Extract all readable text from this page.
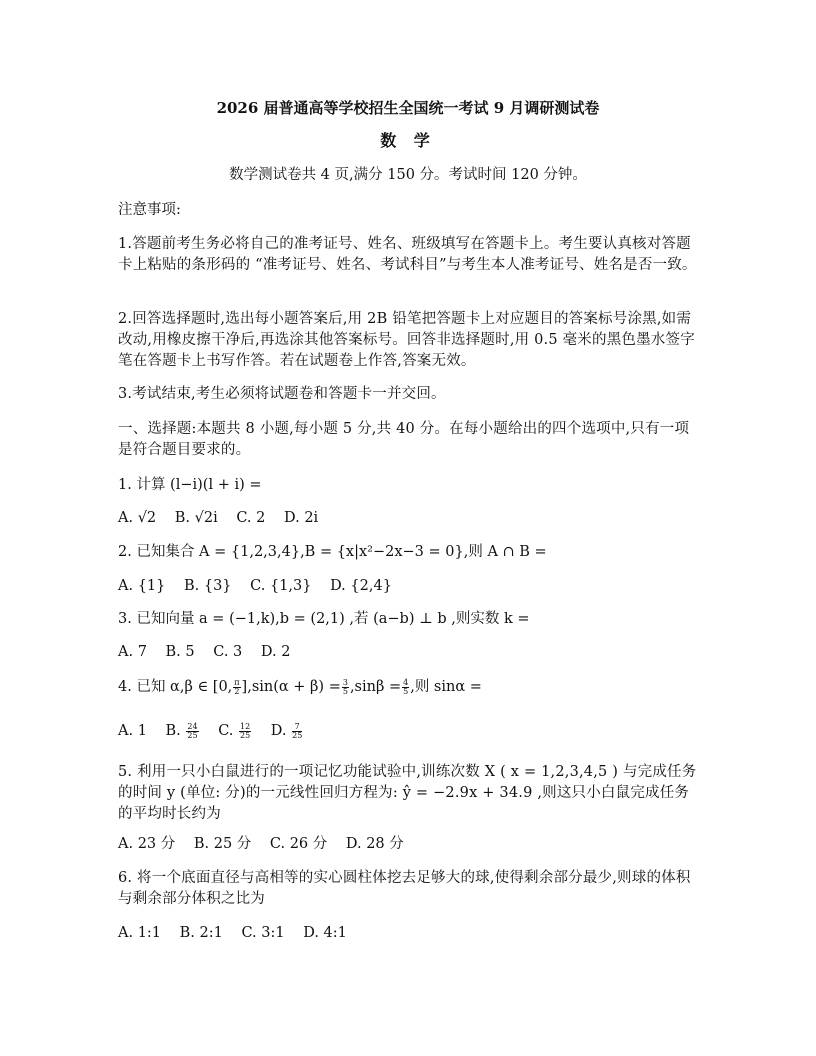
2026 届普通高等学校招生全国统一考试 9 月调研测试卷
数 学
数学测试卷共 4 页,满分 150 分。考试时间 120 分钟。
注意事项:
1.答题前考生务必将自己的准考证号、姓名、班级填写在答题卡上。考生要认真核对答题卡上粘贴的条形码的 “准考证号、姓名、考试科目”与考生本人准考证号、姓名是否一致。
2.回答选择题时,选出每小题答案后,用 2B 铅笔把答题卡上对应题目的答案标号涂黑,如需改动,用橡皮擦干净后,再选涂其他答案标号。回答非选择题时,用 0.5 毫米的黑色墨水签字笔在答题卡上书写作答。若在试题卷上作答,答案无效。
3.考试结束,考生必须将试题卷和答题卡一并交回。
一、选择题:本题共 8 小题,每小题 5 分,共 40 分。在每小题给出的四个选项中,只有一项是符合题目要求的。
1. 计算 (l−i)(l + i) =
A. √2 B. √2i C. 2 D. 2i
2. 已知集合 A = {1,2,3,4},B = {x|x²−2x−3 = 0},则 A ∩ B =
A. {1} B. {3} C. {1,3} D. {2,4}
3. 已知向量 a = (−1,k),b = (2,1) ,若 (a−b) ⊥ b ,则实数 k =
A. 7 B. 5 C. 3 D. 2
4. 已知 α,β ∈ [0, $\frac{\pi}{2} ],\sin(\alpha + \beta) = \frac{3}{5} ,\sin\beta = \frac{4}{5}$ ,则 sinα =
A. 1 B. $\frac{24}{25} C$. $\frac{12}{25} D$. $\frac{7}{25}$
5. 利用一只小白鼠进行的一项记忆功能试验中,训练次数 X ( x = 1,2,3,4,5 ) 与完成任务的时间 y (单位: 分)的一元线性回归方程为: ŷ = −2.9x + 34.9 ,则这只小白鼠完成任务的平均时长约为
A. 23 分 B. 25 分 C. 26 分 D. 28 分
6. 将一个底面直径与高相等的实心圆柱体挖去足够大的球,使得剩余部分最少,则球的体积与剩余部分体积之比为
A. 1:1 B. 2:1 C. 3:1 D. 4:1
